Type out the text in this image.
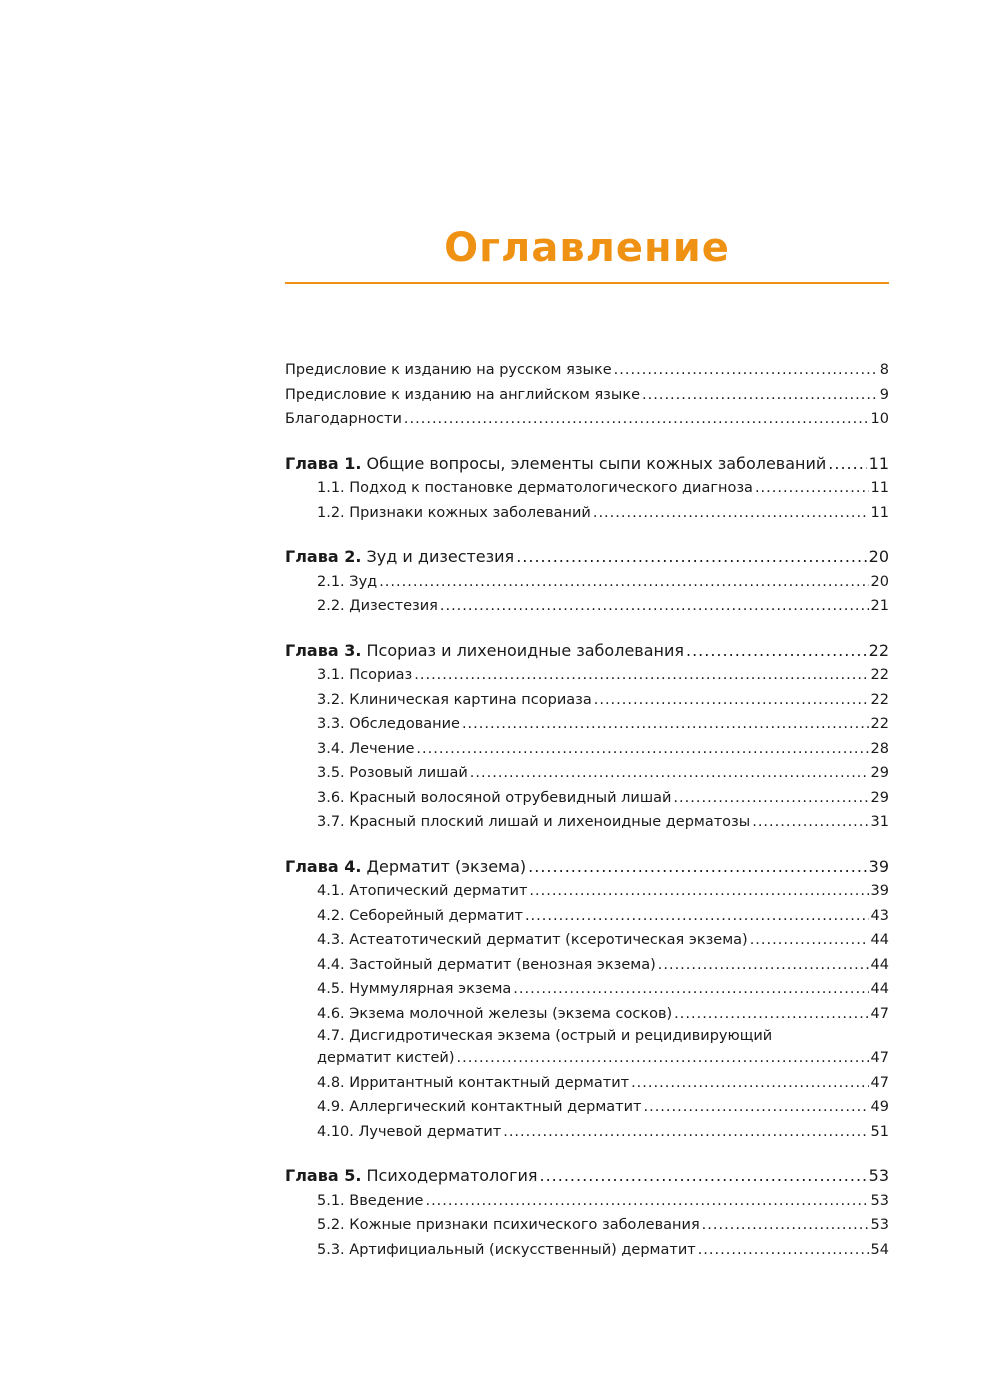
Оглавление
Предисловие к изданию на русском языке .....	8
Предисловие к изданию на английском языке .....	9
Благодарности .....	10
Глава 1. Общие вопросы, элементы сыпи кожных заболеваний .....	11
1.1. Подход к постановке дерматологического диагноза .....	11
1.2. Признаки кожных заболеваний .....	11
Глава 2. Зуд и дизестезия .....	20
2.1. Зуд .....	20
2.2. Дизестезия .....	21
Глава 3. Псориаз и лихеноидные заболевания .....	22
3.1. Псориаз .....	22
3.2. Клиническая картина псориаза .....	22
3.3. Обследование .....	22
3.4. Лечение .....	28
3.5. Розовый лишай .....	29
3.6. Красный волосяной отрубевидный лишай .....	29
3.7. Красный плоский лишай и лихеноидные дерматозы .....	31
Глава 4. Дерматит (экзема) .....	39
4.1. Атопический дерматит .....	39
4.2. Себорейный дерматит .....	43
4.3. Астеатотический дерматит (ксеротическая экзема) .....	44
4.4. Застойный дерматит (венозная экзема) .....	44
4.5. Нуммулярная экзема .....	44
4.6. Экзема молочной железы (экзема сосков) .....	47
4.7. Дисгидротическая экзема (острый и рецидивирующий
дерматит кистей) .....	47
4.8. Ирритантный контактный дерматит .....	47
4.9. Аллергический контактный дерматит .....	49
4.10. Лучевой дерматит .....	51
Глава 5. Психодерматология .....	53
5.1. Введение .....	53
5.2. Кожные признаки психического заболевания .....	53
5.3. Артифициальный (искусственный) дерматит .....	54
